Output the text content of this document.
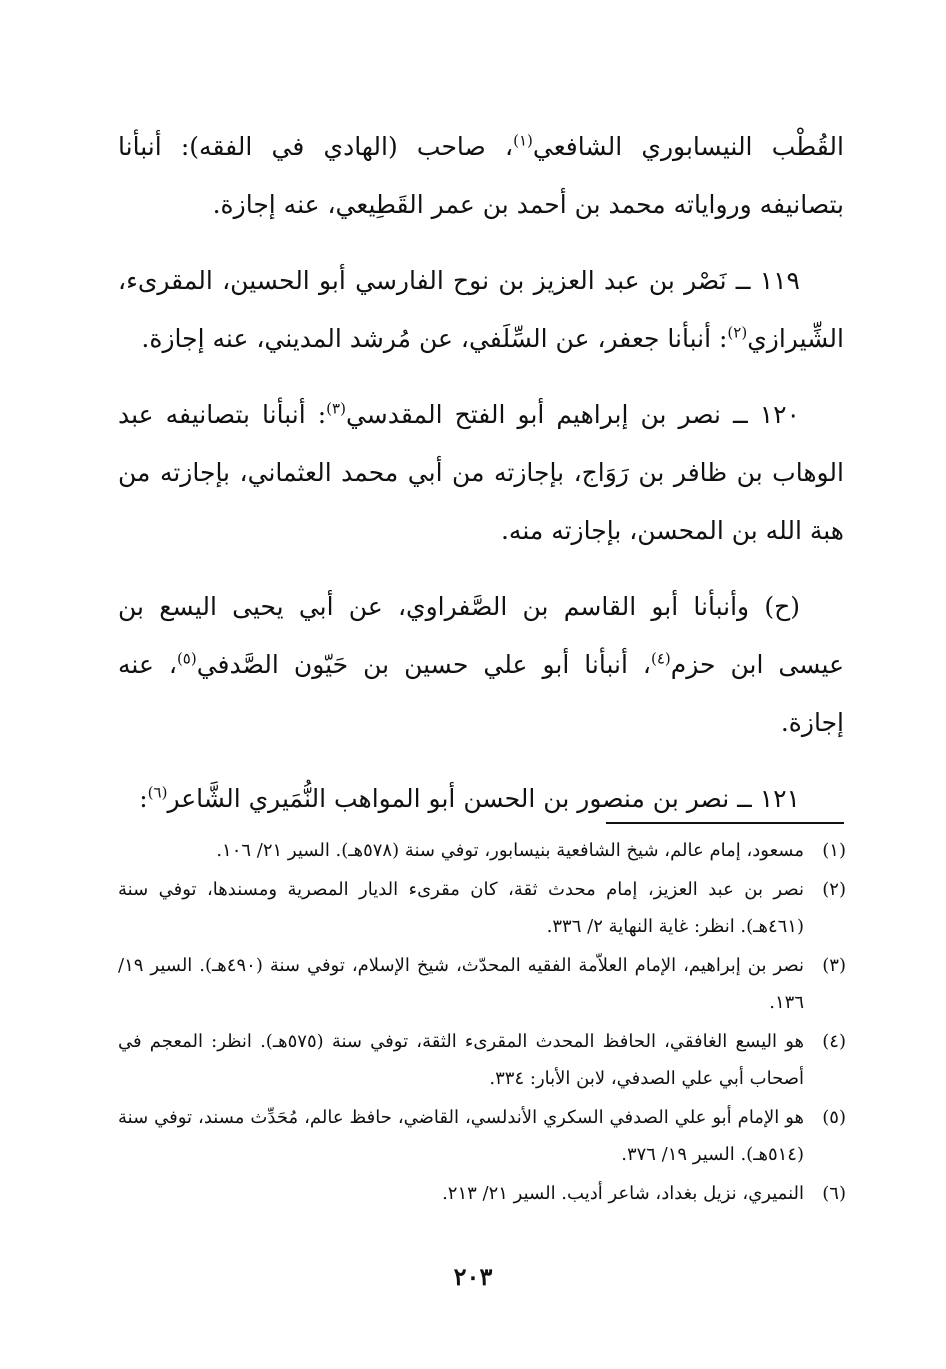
القُطْب النيسابوري الشافعي$^{(١)}$، صاحب (الهادي في الفقه): أنبأنا بتصانيفه ورواياته محمد بن أحمد بن عمر القَطِيعي، عنه إجازة.

١١٩ ــ نَصْر بن عبد العزيز بن نوح الفارسي أبو الحسين، المقرىء، الشِّيرازي$^{(٢)}$: أنبأنا جعفر، عن السِّلَفي، عن مُرشد المديني، عنه إجازة.

١٢٠ ــ نصر بن إبراهيم أبو الفتح المقدسي$^{(٣)}$: أنبأنا بتصانيفه عبد الوهاب بن ظافر بن رَوَاج، بإجازته من أبي محمد العثماني، بإجازته من هبة الله بن المحسن، بإجازته منه.

(ح) وأنبأنا أبو القاسم بن الصَّفراوي، عن أبي يحيى اليسع بن عيسى ابن حزم$^{(٤)}$، أنبأنا أبو علي حسين بن حَيّون الصَّدفي$^{(٥)}$، عنه إجازة.

١٢١ ــ نصر بن منصور بن الحسن أبو المواهب النُّمَيري الشَّاعر$^{(٦)}$:

(١)
مسعود، إمام عالم، شيخ الشافعية بنيسابور، توفي سنة (٥٧٨هـ). السير ٢١/ ١٠٦.
(٢)
نصر بن عبد العزيز، إمام محدث ثقة، كان مقرىء الديار المصرية ومسندها، توفي سنة (٤٦١هـ). انظر: غاية النهاية ٢/ ٣٣٦.
(٣)
نصر بن إبراهيم، الإمام العلاّمة الفقيه المحدّث، شيخ الإسلام، توفي سنة (٤٩٠هـ). السير ١٩/ ١٣٦.
(٤)
هو اليسع الغافقي، الحافظ المحدث المقرىء الثقة، توفي سنة (٥٧٥هـ). انظر: المعجم في أصحاب أبي علي الصدفي، لابن الأبار: ٣٣٤.
(٥)
هو الإمام أبو علي الصدفي السكري الأندلسي، القاضي، حافظ عالم، مُحَدِّث مسند، توفي سنة (٥١٤هـ). السير ١٩/ ٣٧٦.
(٦)
النميري، نزيل بغداد، شاعر أديب. السير ٢١/ ٢١٣.
٢٠٣
